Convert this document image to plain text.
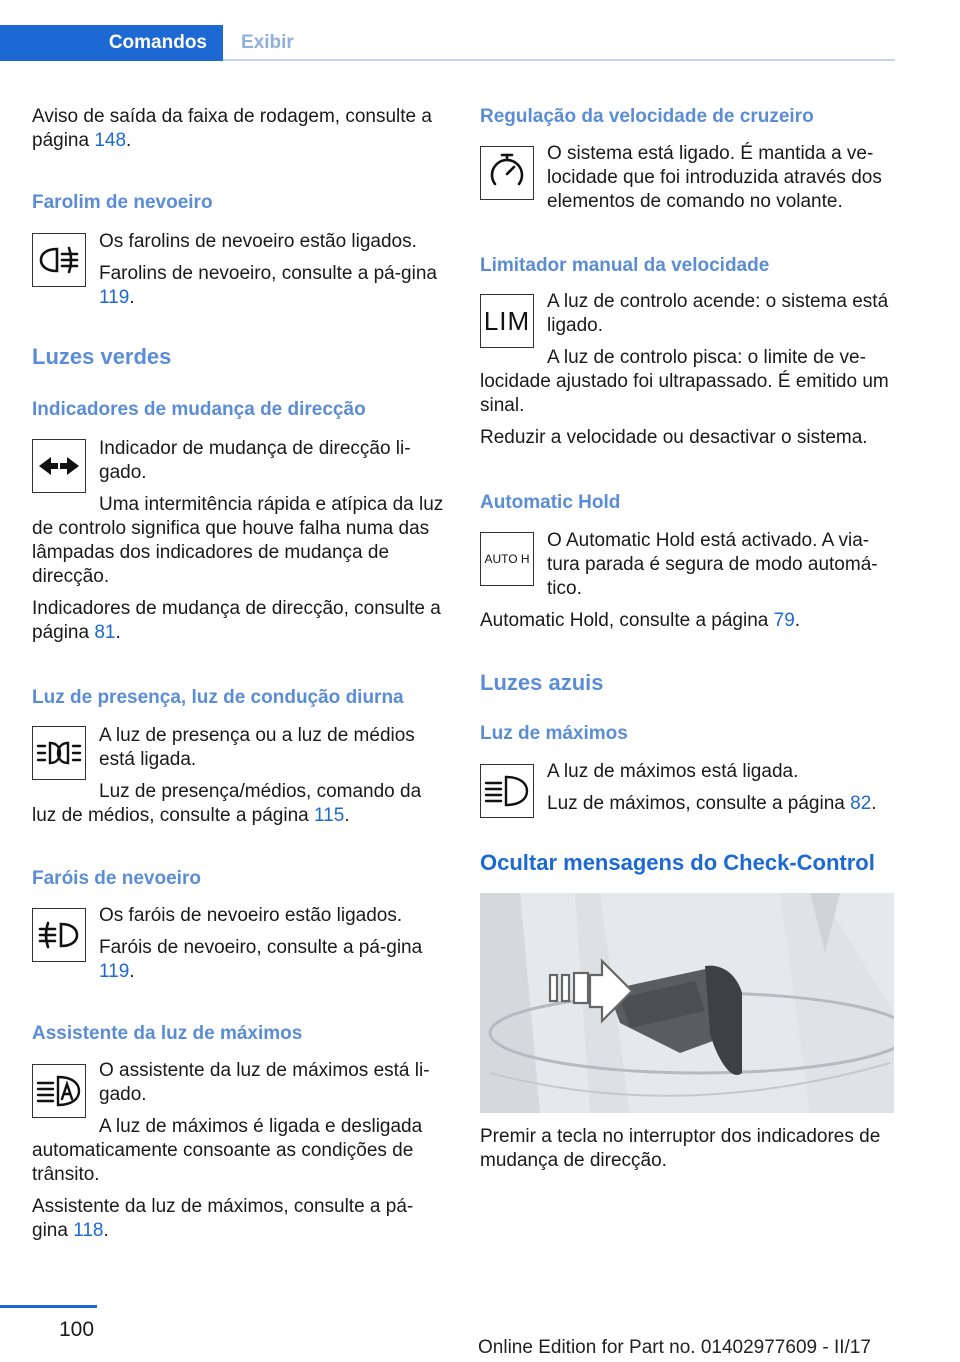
Comandos	Exibir

Aviso de saída da faixa de rodagem, consulte a página 148.

Farolim de nevoeiro

Os farolins de nevoeiro estão ligados.

Farolins de nevoeiro, consulte a pá-gina 119.

Luzes verdes

Indicadores de mudança de direcção

Indicador de mudança de direcção li-gado.

Uma intermitência rápida e atípica da luz de controlo significa que houve falha numa das lâmpadas dos indicadores de mudança de direcção.

Indicadores de mudança de direcção, consulte a página 81.

Luz de presença, luz de condução diurna

A luz de presença ou a luz de médios está ligada.

Luz de presença/médios, comando da luz de médios, consulte a página 115.

Faróis de nevoeiro

Os faróis de nevoeiro estão ligados.

Faróis de nevoeiro, consulte a pá-gina 119.

Assistente da luz de máximos

O assistente da luz de máximos está li-gado.

A luz de máximos é ligada e desligada automaticamente consoante as condições de trânsito.

Assistente da luz de máximos, consulte a pá-gina 118.

Regulação da velocidade de cruzeiro

O sistema está ligado. É mantida a ve-locidade que foi introduzida através dos elementos de comando no volante.

Limitador manual da velocidade

LIM

A luz de controlo acende: o sistema está ligado.

A luz de controlo pisca: o limite de ve-locidade ajustado foi ultrapassado. É emitido um sinal.

Reduzir a velocidade ou desactivar o sistema.

Automatic Hold

AUTO H

O Automatic Hold está activado. A via-tura parada é segura de modo automá-tico.

Automatic Hold, consulte a página 79.

Luzes azuis

Luz de máximos

A luz de máximos está ligada.

Luz de máximos, consulte a página 82.

Ocultar mensagens do Check-Control

Premir a tecla no interruptor dos indicadores de mudança de direcção.

100
Online Edition for Part no. 01402977609 - II/17
